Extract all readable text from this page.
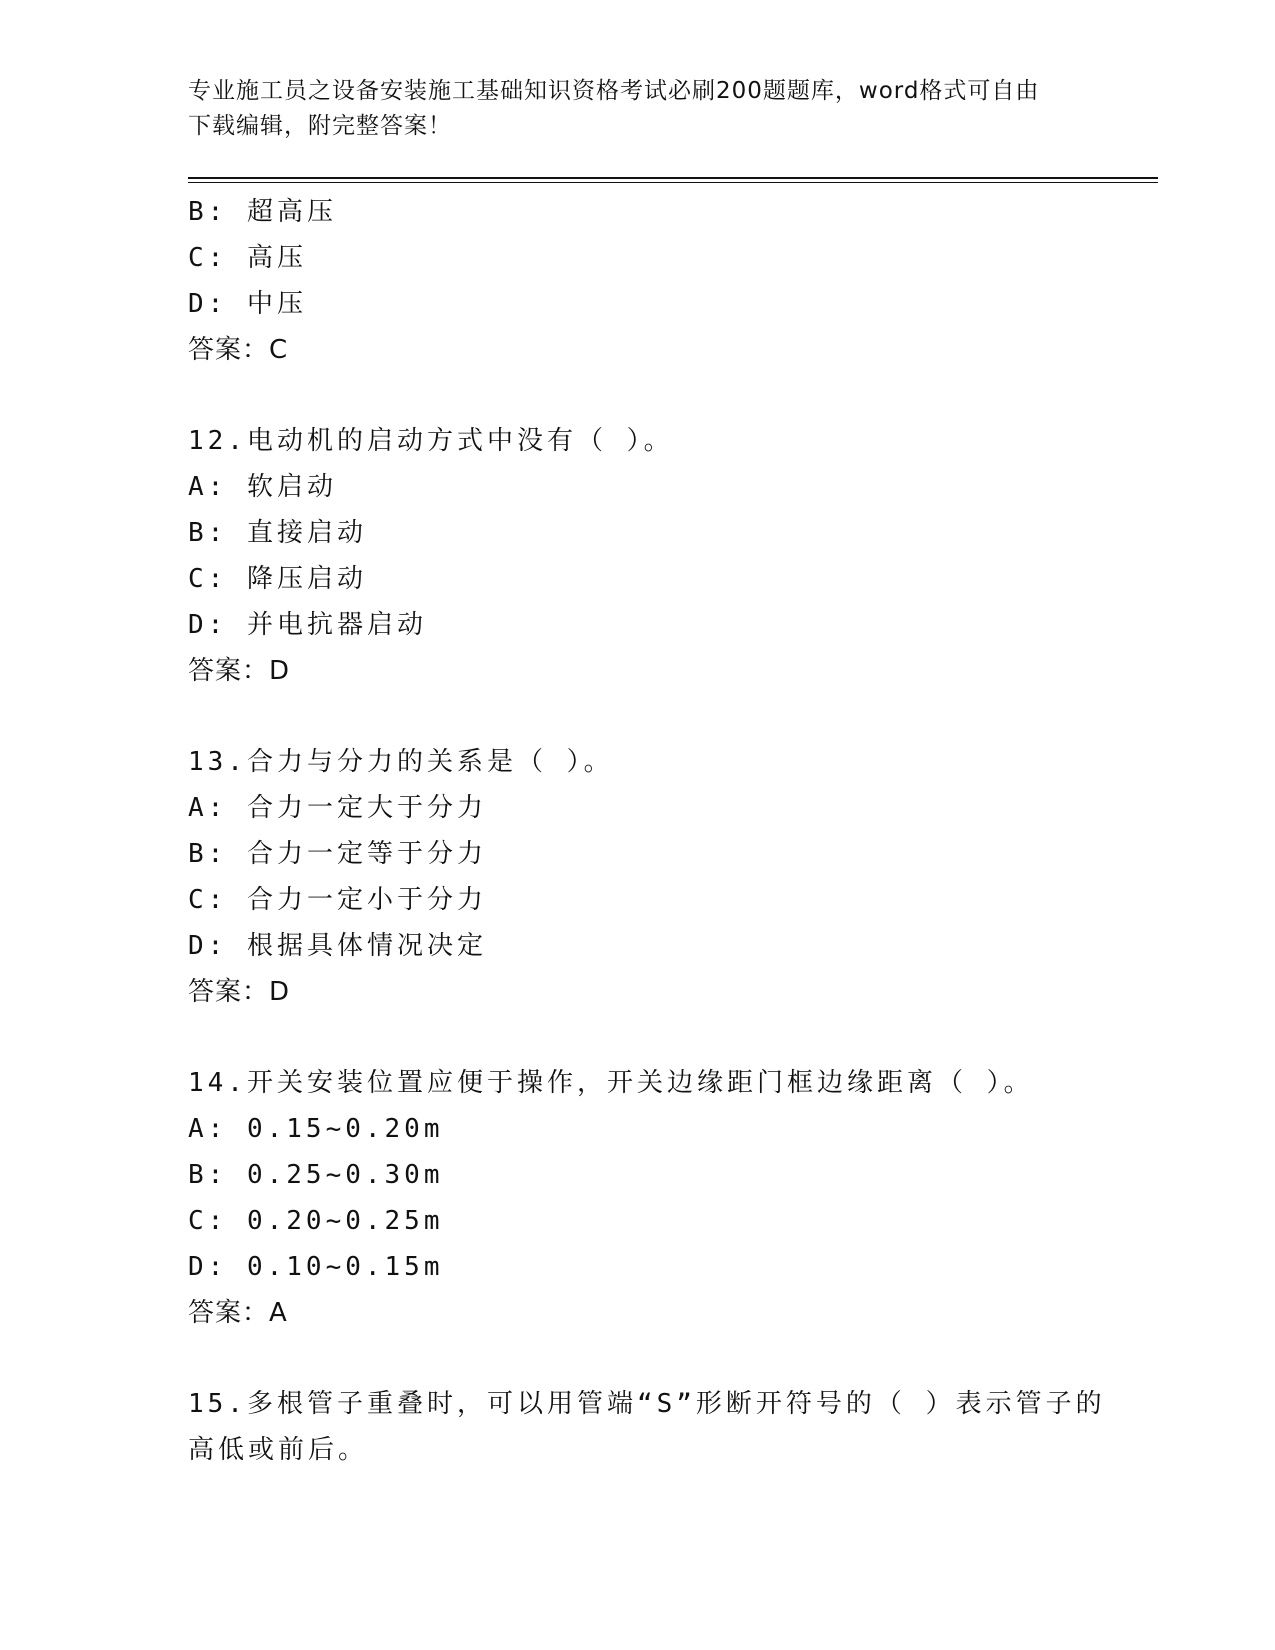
专业施工员之设备安装施工基础知识资格考试必刷200题题库，word格式可自由
下载编辑，附完整答案！
B: 超高压
C: 高压
D: 中压
答案：C
12.电动机的启动方式中没有（ ）。
A: 软启动
B: 直接启动
C: 降压启动
D: 并电抗器启动
答案：D
13.合力与分力的关系是（ ）。
A: 合力一定大于分力
B: 合力一定等于分力
C: 合力一定小于分力
D: 根据具体情况决定
答案：D
14.开关安装位置应便于操作，开关边缘距门框边缘距离（ ）。
A: 0.15~0.20m
B: 0.25~0.30m
C: 0.20~0.25m
D: 0.10~0.15m
答案：A
15.多根管子重叠时，可以用管端“S”形断开符号的（ ）表示管子的
高低或前后。
